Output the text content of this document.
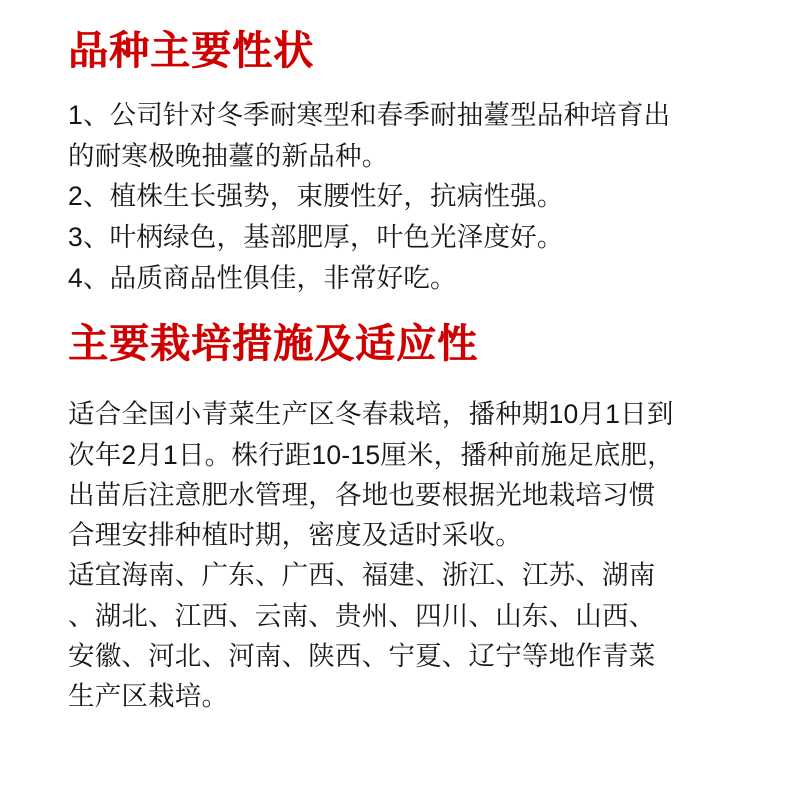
品种主要性状
1、公司针对冬季耐寒型和春季耐抽薹型品种培育出
的耐寒极晚抽薹的新品种。
2、植株生长强势，束腰性好，抗病性强。
3、叶柄绿色，基部肥厚，叶色光泽度好。
4、品质商品性俱佳，非常好吃。
主要栽培措施及适应性

适合全国小青菜生产区冬春栽培，播种期10月1日到

次年2月1日。株行距10-15厘米，播种前施足底肥，

出苗后注意肥水管理，各地也要根据光地栽培习惯

合理安排种植时期，密度及适时采收。

适宜海南、广东、广西、福建、浙江、江苏、湖南

、湖北、江西、云南、贵州、四川、山东、山西、

安徽、河北、河南、陕西、宁夏、辽宁等地作青菜

生产区栽培。
